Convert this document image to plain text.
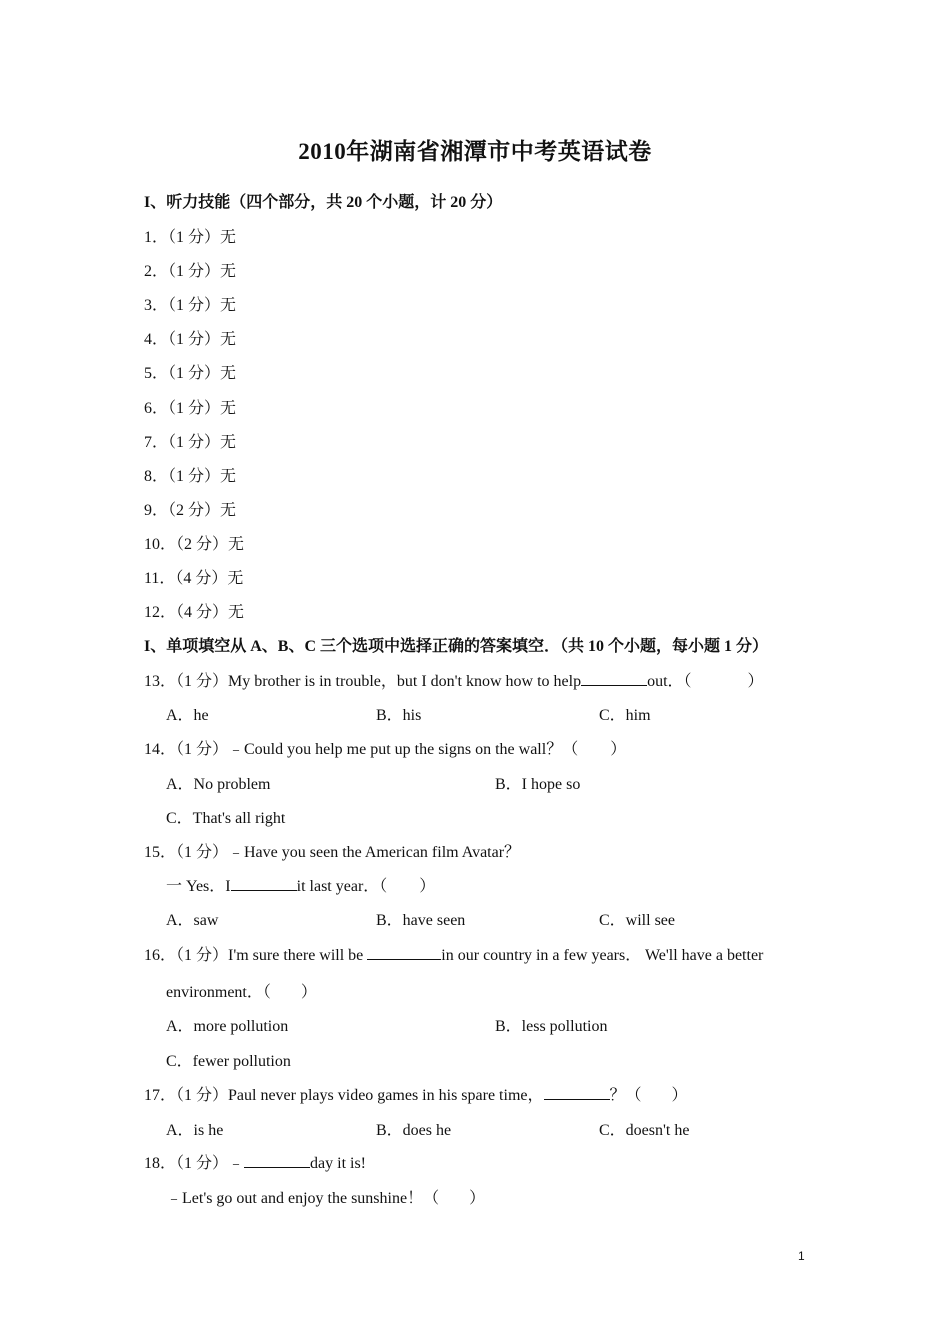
2010年湖南省湘潭市中考英语试卷
I、听力技能（四个部分，共 20 个小题，计 20 分）
1．（1 分）无
2．（1 分）无
3．（1 分）无
4．（1 分）无
5．（1 分）无
6．（1 分）无
7．（1 分）无
8．（1 分）无
9．（2 分）无
10．（2 分）无
11．（4 分）无
12．（4 分）无
I、单项填空从 A、B、C 三个选项中选择正确的答案填空．（共 10 个小题，每小题 1 分）
13．（1 分）My brother is in trouble，but I don't know how to help	out．（	）
A．he	B．his	C．him
14．（1 分）﹣Could you help me put up the signs on the wall？（ ）
A．No problem	B．I hope so
C．That's all right
15．（1 分）﹣Have you seen the American film Avatar？
一 Yes．I	it last year．（ ）
A．saw	B．have seen	C．will see
16．（1 分）I'm sure there will be	in our country in a few years． We'll have a better
environment．（ ）
A．more pollution	B．less pollution
C．fewer pollution
17．（1 分）Paul never plays video games in his spare time，	？（ ）
A．is he	B．does he	C．doesn't he
18．（1 分）﹣	day it is!
﹣Let's go out and enjoy the sunshine！（ ）
1
